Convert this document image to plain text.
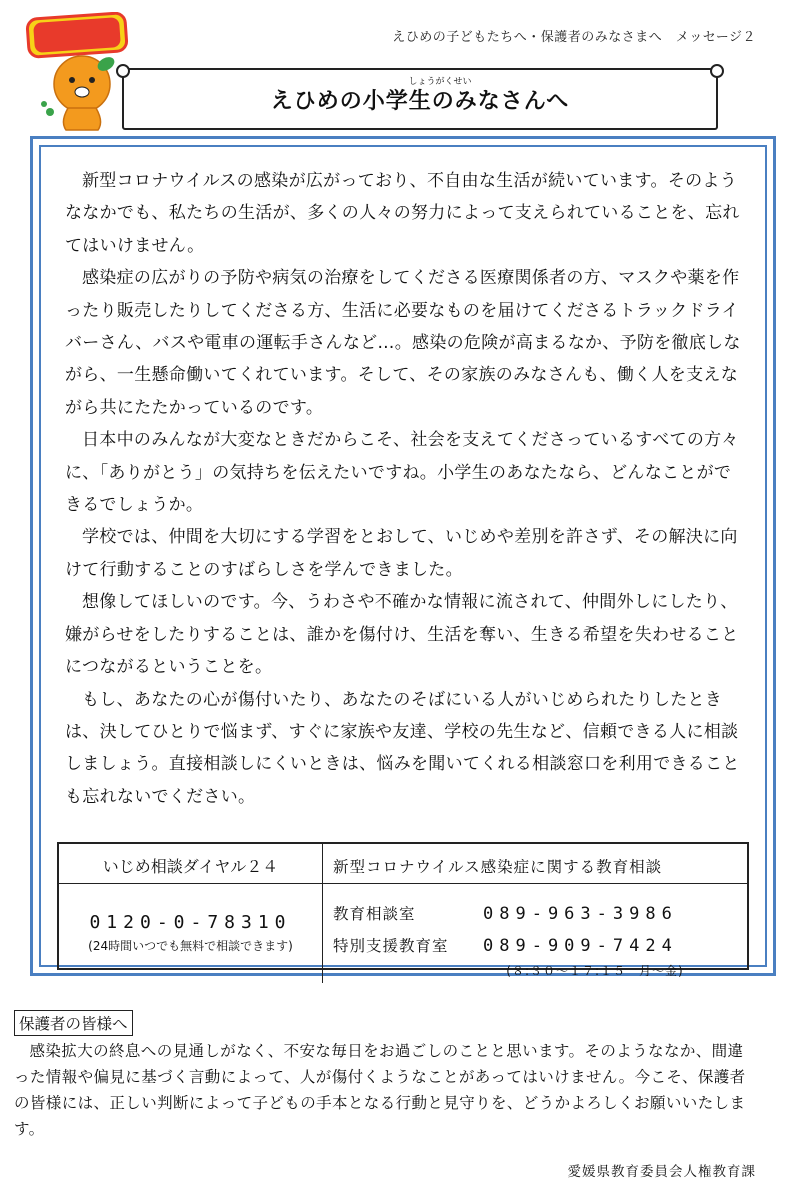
えひめの子どもたちへ・保護者のみなさまへ　メッセージ２
しょうがくせい
えひめの小学生のみなさんへ

新型コロナウイルスの感染が広がっており、不自由な生活が続いています。そのようななかでも、私たちの生活が、多くの人々の努力によって支えられていることを、忘れてはいけません。

感染症の広がりの予防や病気の治療をしてくださる医療関係者の方、マスクや薬を作ったり販売したりしてくださる方、生活に必要なものを届けてくださるトラックドライバーさん、バスや電車の運転手さんなど…。感染の危険が高まるなか、予防を徹底しながら、一生懸命働いてくれています。そして、その家族のみなさんも、働く人を支えながら共にたたかっているのです。

日本中のみんなが大変なときだからこそ、社会を支えてくださっているすべての方々に、「ありがとう」の気持ちを伝えたいですね。小学生のあなたなら、どんなことができるでしょうか。

学校では、仲間を大切にする学習をとおして、いじめや差別を許さず、その解決に向けて行動することのすばらしさを学んできました。

想像してほしいのです。今、うわさや不確かな情報に流されて、仲間外しにしたり、嫌がらせをしたりすることは、誰かを傷付け、生活を奪い、生きる希望を失わせることにつながるということを。

もし、あなたの心が傷付いたり、あなたのそばにいる人がいじめられたりしたときは、決してひとりで悩まず、すぐに家族や友達、学校の先生など、信頼できる人に相談しましょう。直接相談しにくいときは、悩みを聞いてくれる相談窓口を利用できることも忘れないでください。

いじめ相談ダイヤル２４	新型コロナウイルス感染症に関する教育相談
0120-0-78310
(24時間いつでも無料で相談できます)
教育相談室	089-963-3986
特別支援教育室	089-909-7424
(８:３０～１７:１５　月～金)
保護者の皆様へ

感染拡大の終息への見通しがなく、不安な毎日をお過ごしのことと思います。そのようななか、間違った情報や偏見に基づく言動によって、人が傷付くようなことがあってはいけません。今こそ、保護者の皆様には、正しい判断によって子どもの手本となる行動と見守りを、どうかよろしくお願いいたします。

愛媛県教育委員会人権教育課
